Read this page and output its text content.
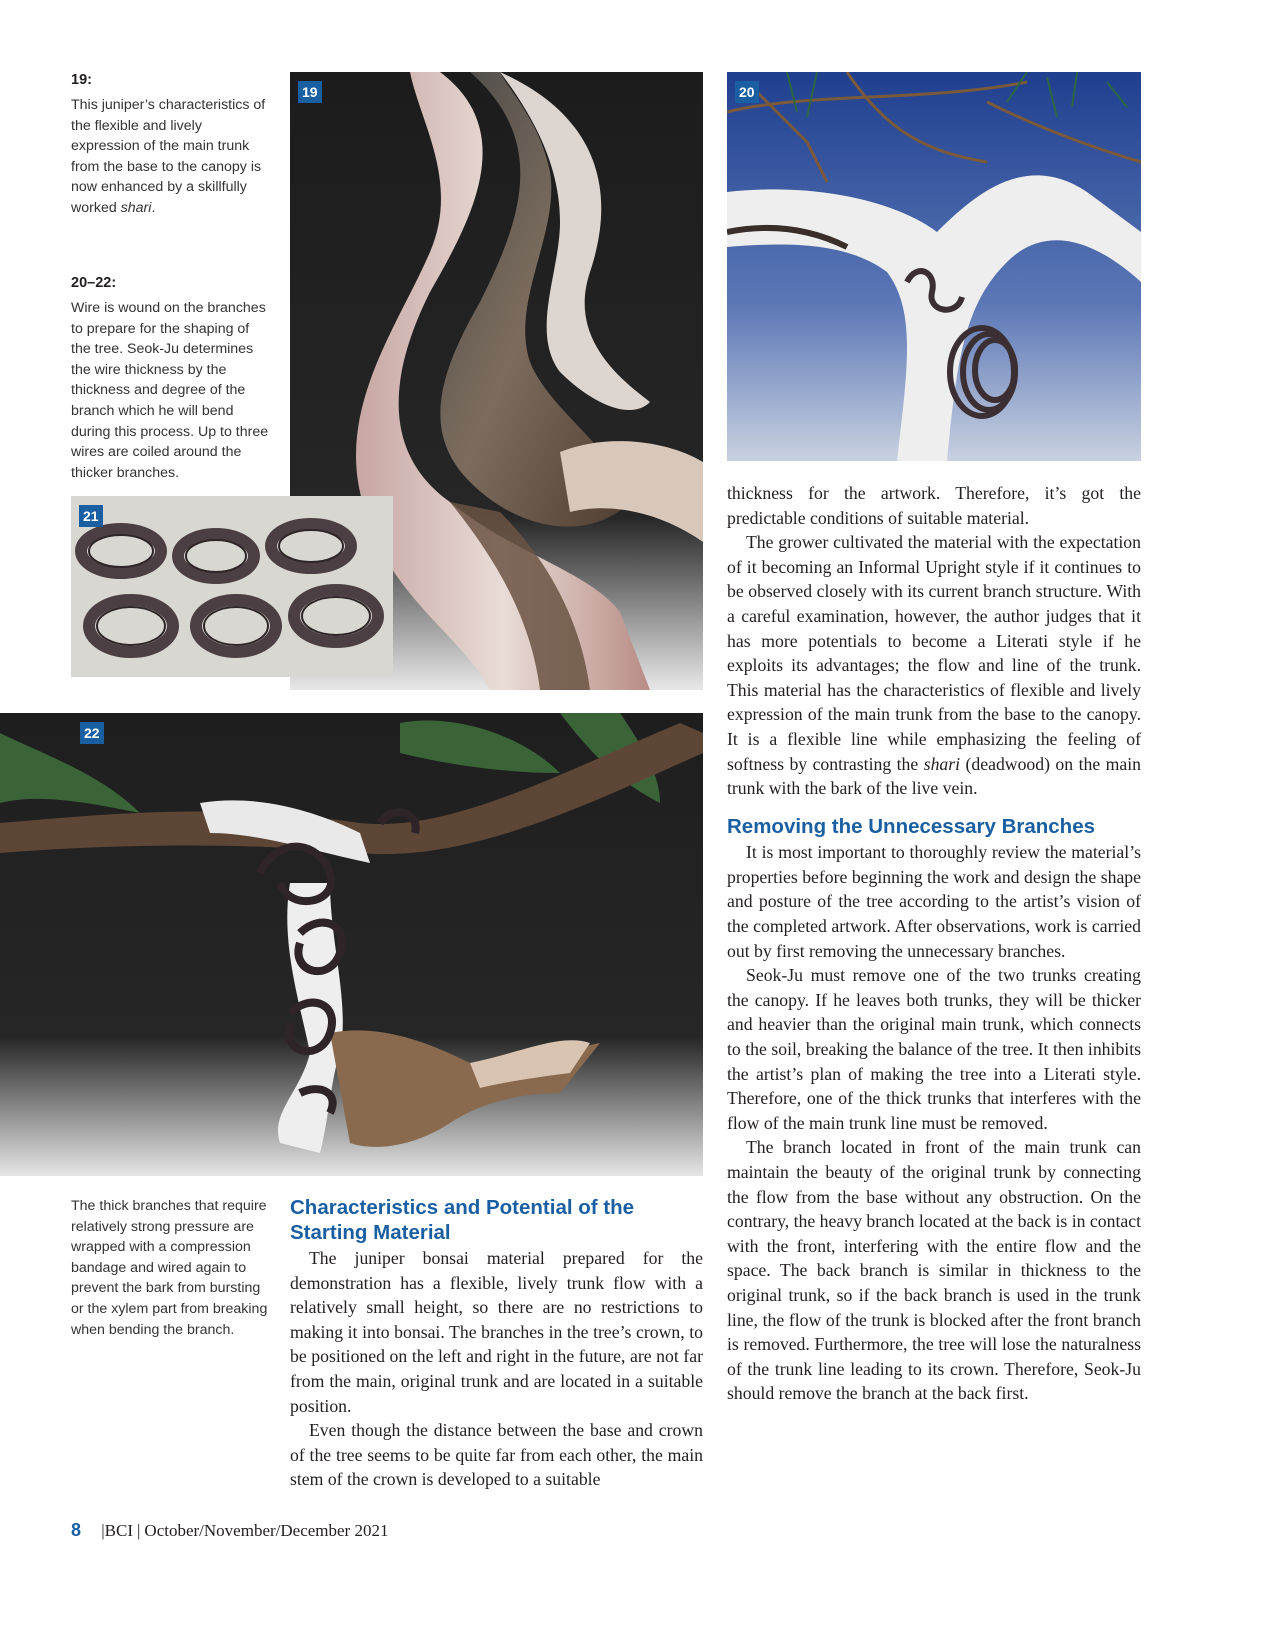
19:

This juniper’s characteristics of the flexible and lively expression of the main trunk from the base to the canopy is now enhanced by a skillfully worked shari.

20–22:

Wire is wound on the branches to prepare for the shaping of the tree. Seok-Ju determines the wire thickness by the thickness and degree of the branch which he will bend during this process. Up to three wires are coiled around the thicker branches.

19	20
21
22

The thick branches that require relatively strong pressure are wrapped with a compression bandage and wired again to prevent the bark from bursting or the xylem part from breaking when bending the branch.

Characteristics and Potential of the Starting Material

The juniper bonsai material prepared for the demonstration has a flexible, lively trunk flow with a relatively small height, so there are no restrictions to making it into bonsai. The branches in the tree’s crown, to be positioned on the left and right in the future, are not far from the main, original trunk and are located in a suitable position.

Even though the distance between the base and crown of the tree seems to be quite far from each other, the main stem of the crown is developed to a suitable

thickness for the artwork. Therefore, it’s got the predictable conditions of suitable material.

The grower cultivated the material with the expectation of it becoming an Informal Upright style if it continues to be observed closely with its current branch structure. With a careful examination, however, the author judges that it has more potentials to become a Literati style if he exploits its advantages; the flow and line of the trunk. This material has the characteristics of flexible and lively expression of the main trunk from the base to the canopy. It is a flexible line while emphasizing the feeling of softness by contrasting the shari (deadwood) on the main trunk with the bark of the live vein.

Removing the Unnecessary Branches

It is most important to thoroughly review the material’s properties before beginning the work and design the shape and posture of the tree according to the artist’s vision of the completed artwork. After observations, work is carried out by first removing the unnecessary branches.

Seok-Ju must remove one of the two trunks creating the canopy. If he leaves both trunks, they will be thicker and heavier than the original main trunk, which connects to the soil, breaking the balance of the tree. It then inhibits the artist’s plan of making the tree into a Literati style. Therefore, one of the thick trunks that interferes with the flow of the main trunk line must be removed.

The branch located in front of the main trunk can maintain the beauty of the original trunk by connecting the flow from the base without any obstruction. On the contrary, the heavy branch located at the back is in contact with the front, interfering with the entire flow and the space. The back branch is similar in thickness to the original trunk, so if the back branch is used in the trunk line, the flow of the trunk is blocked after the front branch is removed. Furthermore, the tree will lose the naturalness of the trunk line leading to its crown. Therefore, Seok-Ju should remove the branch at the back first.

8 |BCI | October/November/December 2021
